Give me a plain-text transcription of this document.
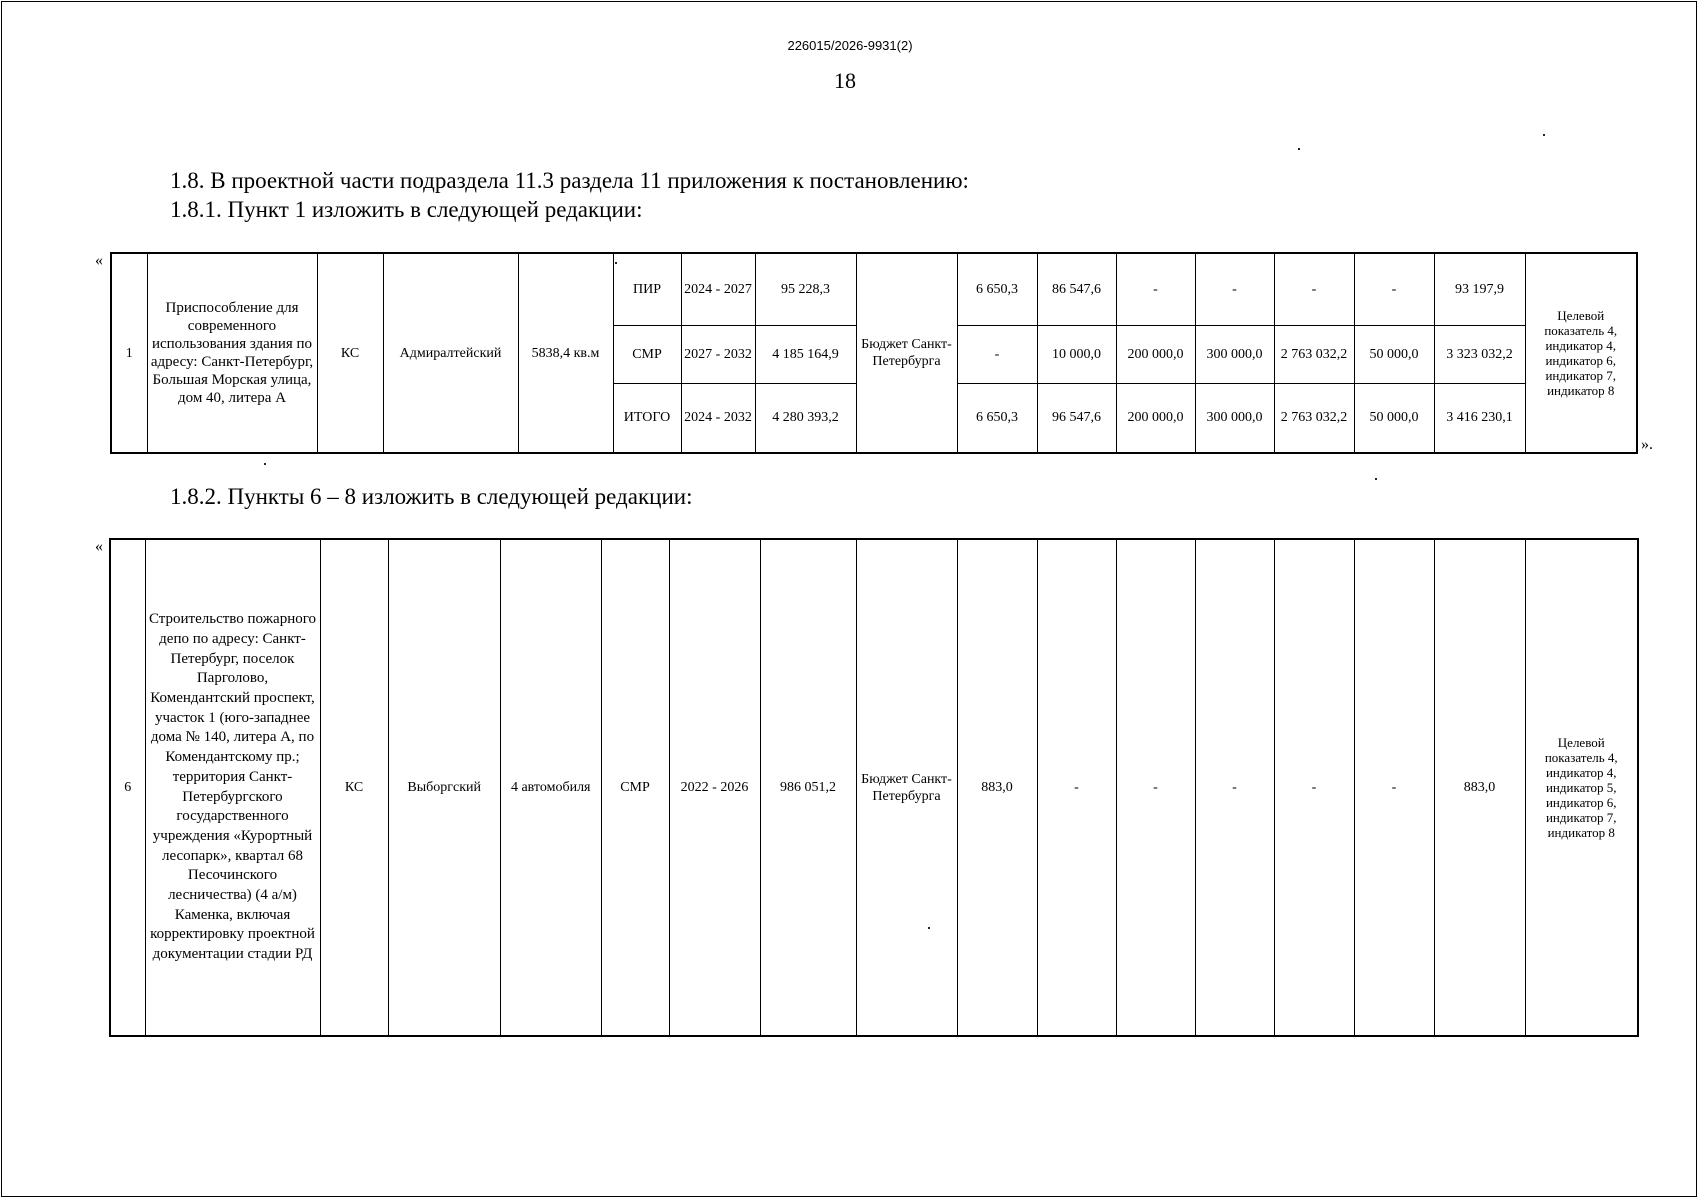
226015/2026-9931(2)
18
1.8. В проектной части подраздела 11.3 раздела 11 приложения к постановлению:
1.8.1. Пункт 1 изложить в следующей редакции:
«
1	Приспособление для современного использования здания по адресу: Санкт-Петербург, Большая Морская улица, дом 40, литера А	КС	Адмиралтейский	5838,4 кв.м	ПИР	2024 - 2027	95 228,3	Бюджет Санкт-Петербурга	6 650,3	86 547,6	-	-	-	-	93 197,9	Целевой показатель 4, индикатор 4, индикатор 6, индикатор 7, индикатор 8
					СМР	2027 - 2032	4 185 164,9		-	10 000,0	200 000,0	300 000,0	2 763 032,2	50 000,0	3 323 032,2	
					ИТОГО	2024 - 2032	4 280 393,2		6 650,3	96 547,6	200 000,0	300 000,0	2 763 032,2	50 000,0	3 416 230,1	
».
1.8.2. Пункты 6 – 8 изложить в следующей редакции:
«
6	Строительство пожарного депо по адресу: Санкт-Петербург, поселок Парголово, Комендантский проспект, участок 1 (юго-западнее дома № 140, литера А, по Комендантскому пр.; территория Санкт-Петербургского государственного учреждения «Курортный лесопарк», квартал 68 Песочинского лесничества) (4 а/м) Каменка, включая корректировку проектной документации стадии РД	КС	Выборгский	4 автомобиля	СМР	2022 - 2026	986 051,2	Бюджет Санкт-Петербурга	883,0	-	-	-	-	-	883,0	Целевой показатель 4, индикатор 4, индикатор 5, индикатор 6, индикатор 7, индикатор 8
